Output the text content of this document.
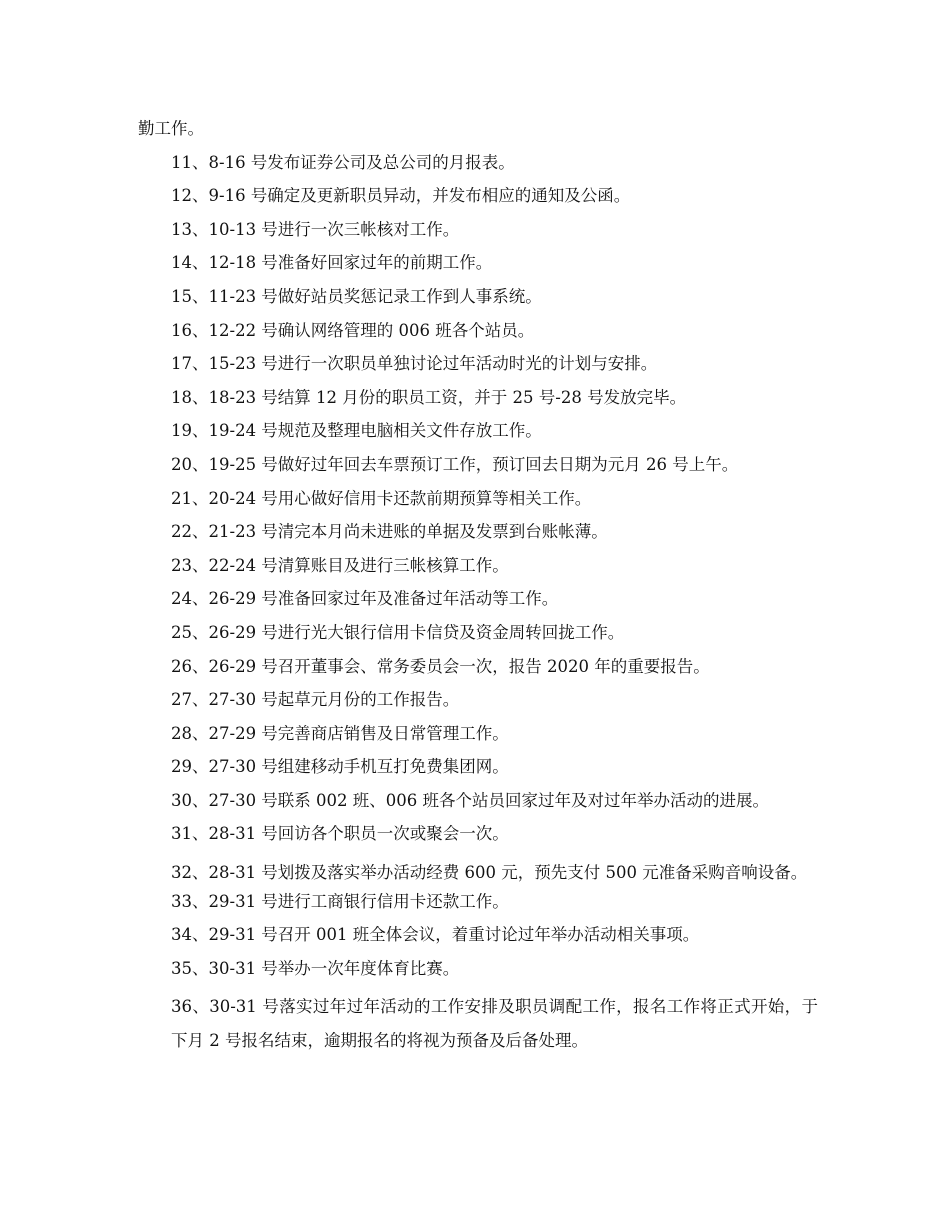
勤工作。
11、8-16 号发布证券公司及总公司的月报表。
12、9-16 号确定及更新职员异动，并发布相应的通知及公函。
13、10-13 号进行一次三帐核对工作。
14、12-18 号准备好回家过年的前期工作。
15、11-23 号做好站员奖惩记录工作到人事系统。
16、12-22 号确认网络管理的 006 班各个站员。
17、15-23 号进行一次职员单独讨论过年活动时光的计划与安排。
18、18-23 号结算 12 月份的职员工资，并于 25 号-28 号发放完毕。
19、19-24 号规范及整理电脑相关文件存放工作。
20、19-25 号做好过年回去车票预订工作，预订回去日期为元月 26 号上午。
21、20-24 号用心做好信用卡还款前期预算等相关工作。
22、21-23 号清完本月尚未进账的单据及发票到台账帐薄。
23、22-24 号清算账目及进行三帐核算工作。
24、26-29 号准备回家过年及准备过年活动等工作。
25、26-29 号进行光大银行信用卡信贷及资金周转回拢工作。
26、26-29 号召开董事会、常务委员会一次，报告 2020 年的重要报告。
27、27-30 号起草元月份的工作报告。
28、27-29 号完善商店销售及日常管理工作。
29、27-30 号组建移动手机互打免费集团网。
30、27-30 号联系 002 班、006 班各个站员回家过年及对过年举办活动的进展。
31、28-31 号回访各个职员一次或聚会一次。
32、28-31 号划拨及落实举办活动经费 600 元，预先支付 500 元准备采购音响设备。
33、29-31 号进行工商银行信用卡还款工作。
34、29-31 号召开 001 班全体会议，着重讨论过年举办活动相关事项。
35、30-31 号举办一次年度体育比赛。
36、30-31 号落实过年过年活动的工作安排及职员调配工作，报名工作将正式开始，于下月 2 号报名结束，逾期报名的将视为预备及后备处理。
